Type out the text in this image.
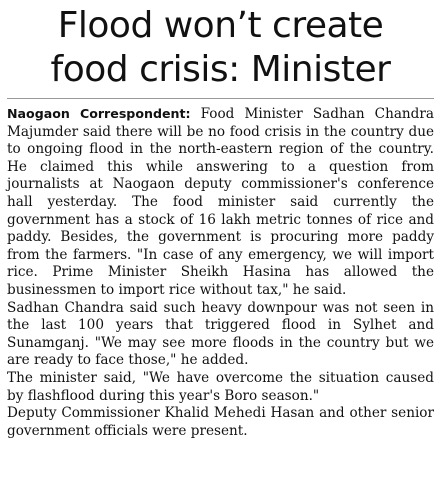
Flood won’t create
food crisis: Minister

Naogaon Correspondent: Food Minister Sadhan Chandra Majumder said there will be no food crisis in the country due to ongoing flood in the north-eastern region of the country. He claimed this while answering to a question from journalists at Naogaon deputy commissioner's conference hall yesterday. The food minister said currently the government has a stock of 16 lakh metric tonnes of rice and paddy. Besides, the government is procuring more paddy from the farmers. "In case of any emergency, we will import rice. Prime Minister Sheikh Hasina has allowed the businessmen to import rice without tax," he said.

Sadhan Chandra said such heavy downpour was not seen in the last 100 years that triggered flood in Sylhet and Sunamganj. "We may see more floods in the country but we are ready to face those," he added.

The minister said, "We have overcome the situation caused by flashflood during this year's Boro season."

Deputy Commissioner Khalid Mehedi Hasan and other senior government officials were present.
